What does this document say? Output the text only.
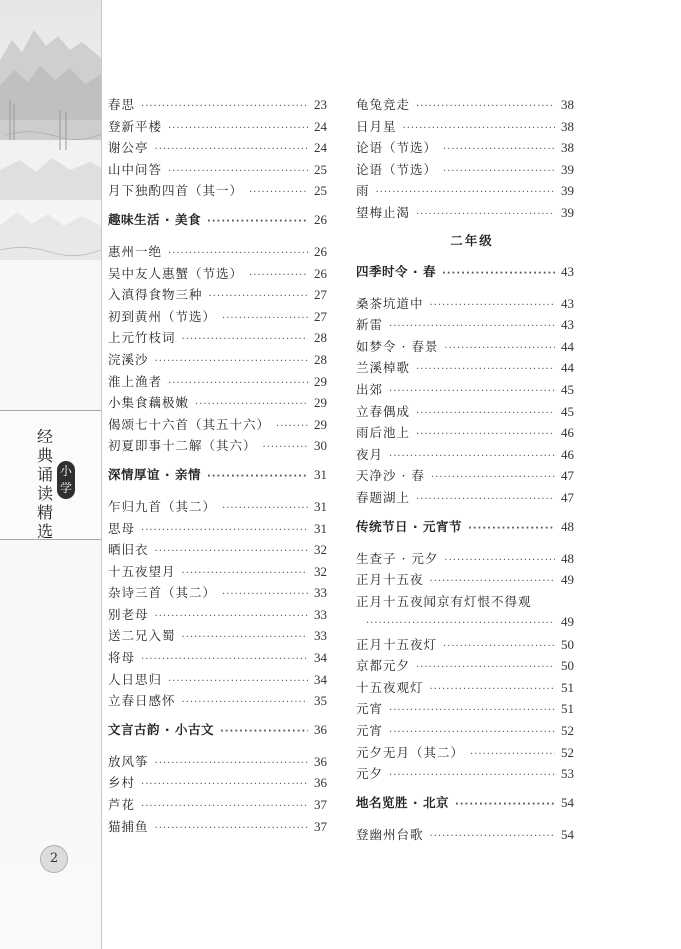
经典诵读精选
小学
2
春思 ·····	23
登新平楼 ·····	24
谢公亭 ·····	24
山中问答 ·····	25
月下独酌四首（其一） ·····	25
趣味生活 · 美食 ·····	26
惠州一绝 ·····	26
吴中友人惠蟹（节选） ·····	26
入滇得食物三种 ·····	27
初到黄州（节选） ·····	27
上元竹枝词 ·····	28
浣溪沙 ·····	28
淮上渔者 ·····	29
小集食藕极嫩 ·····	29
偈颂七十六首（其五十六） ·····	29
初夏即事十二解（其六） ·····	30
深情厚谊 · 亲情 ·····	31
乍归九首（其二） ·····	31
思母 ·····	31
晒旧衣 ·····	32
十五夜望月 ·····	32
杂诗三首（其二） ·····	33
别老母 ·····	33
送二兄入蜀 ·····	33
将母 ·····	34
人日思归 ·····	34
立春日感怀 ·····	35
文言古韵 · 小古文 ·····	36
放风筝 ·····	36
乡村 ·····	36
芦花 ·····	37
猫捕鱼 ·····	37
龟兔竞走 ·····	38
日月星 ·····	38
论语（节选） ·····	38
论语（节选） ·····	39
雨 ·····	39
望梅止渴 ·····	39
二年级
四季时令 · 春 ·····	43
桑茶坑道中 ·····	43
新雷 ·····	43
如梦令 · 春景 ·····	44
兰溪棹歌 ·····	44
出郊 ·····	45
立春偶成 ·····	45
雨后池上 ·····	46
夜月 ·····	46
天净沙 · 春 ·····	47
春题湖上 ·····	47
传统节日 · 元宵节 ·····	48
生查子 · 元夕 ·····	48
正月十五夜 ·····	49
正月十五夜闻京有灯恨不得观
·····
49
正月十五夜灯 ·····	50
京都元夕 ·····	50
十五夜观灯 ·····	51
元宵 ·····	51
元宵 ·····	52
元夕无月（其二） ·····	52
元夕 ·····	53
地名览胜 · 北京 ·····	54
登幽州台歌 ·····	54
